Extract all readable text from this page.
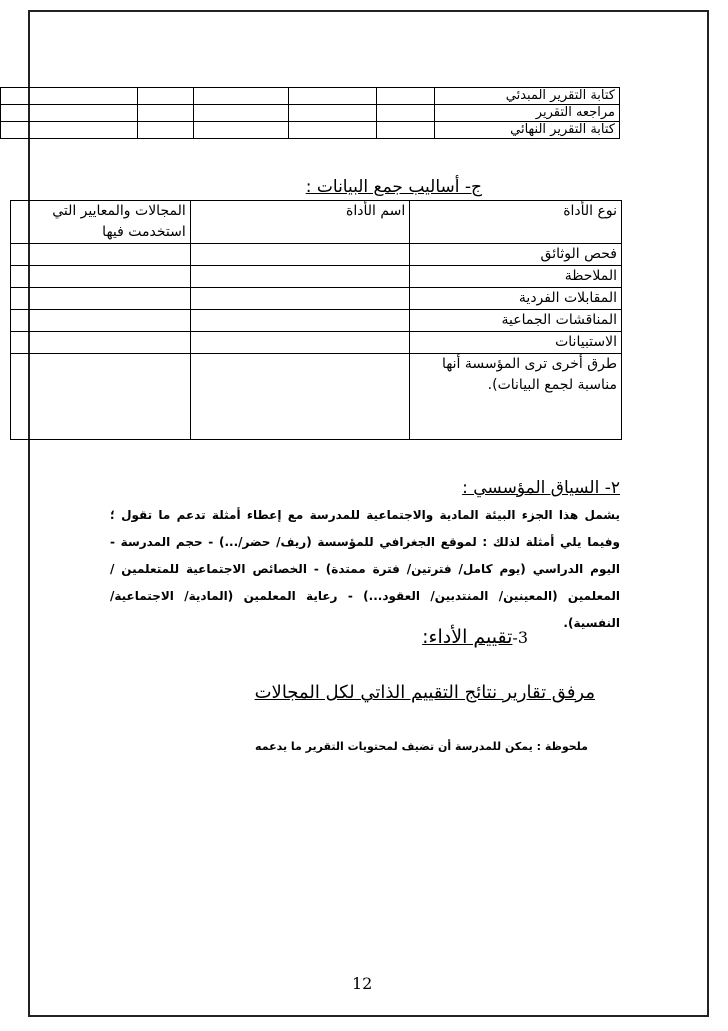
					كتابة التقرير المبدئي
					مراجعه التقرير
					كتابة التقرير النهائي
ج- أساليب جمع البيانات :
المجالات والمعايير التي استخدمت فيها	اسم الأداة	نوع الأداة
		فحص الوثائق
		الملاحظة
		المقابلات الفردية
		المناقشات الجماعية
		الاستبيانات
		طرق أخرى ترى المؤسسة أنها مناسبة لجمع البيانات).
٢- السياق المؤسسي :
يشمل هذا الجزء البيئة المادية والاجتماعية للمدرسة مع إعطاء أمثلة تدعم ما تقول ؛ وفيما يلي أمثلة لذلك : لموقع الجغرافي للمؤسسة (ريف/ حضر/...) - حجم المدرسة - اليوم الدراسي (يوم كامل/ فترتين/ فترة ممتدة) - الخصائص الاجتماعية للمتعلمين / المعلمين (المعينين/ المنتدبين/ العقود...) - رعاية المعلمين (المادية/ الاجتماعية/ النفسية).
3-تقييم الأداء:
مرفق تقارير نتائج التقييم الذاتي لكل المجالات
ملحوظة : يمكن للمدرسة أن تضيف لمحتويات التقرير ما يدعمه
12
